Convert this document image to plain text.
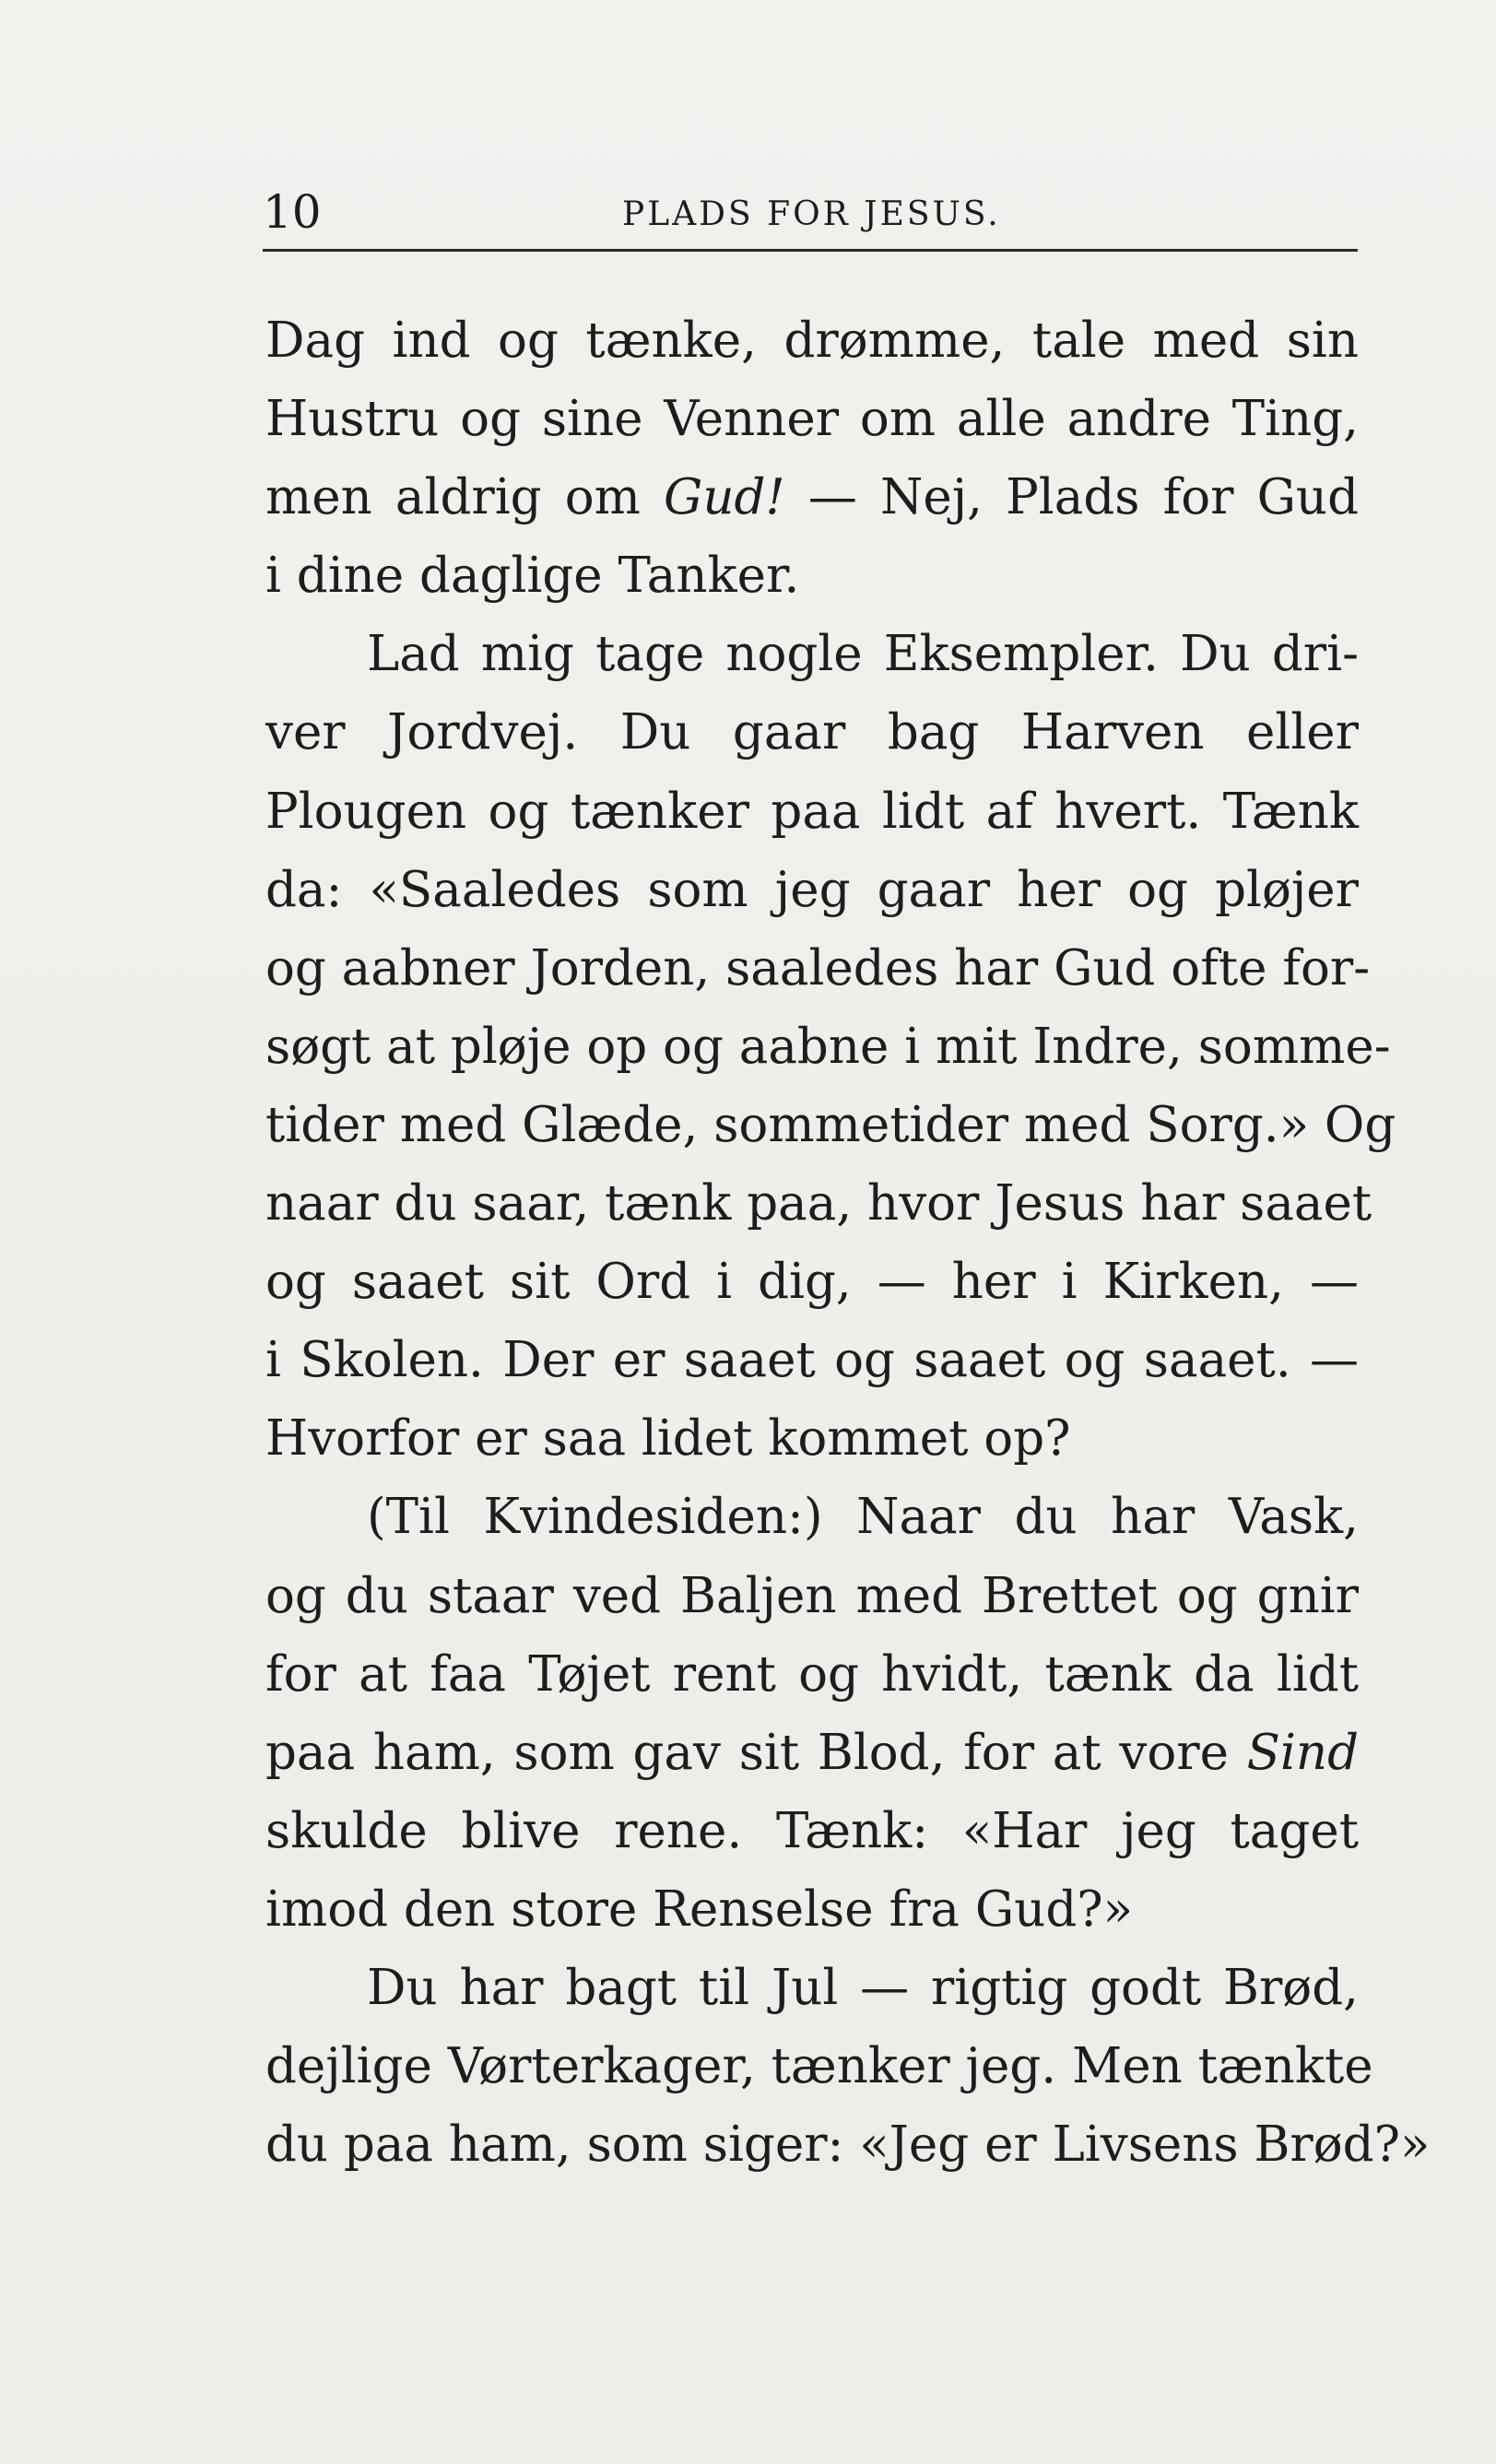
10	PLADS FOR JESUS.
Dag ind og tænke, drømme, tale med sin
Hustru og sine Venner om alle andre Ting,
men aldrig om Gud! — Nej, Plads for Gud
i dine daglige Tanker.
Lad mig tage nogle Eksempler. Du dri-
ver Jordvej. Du gaar bag Harven eller
Plougen og tænker paa lidt af hvert. Tænk
da: «Saaledes som jeg gaar her og pløjer
og aabner Jorden, saaledes har Gud ofte for-
søgt at pløje op og aabne i mit Indre, somme-
tider med Glæde, sommetider med Sorg.» Og
naar du saar, tænk paa, hvor Jesus har saaet
og saaet sit Ord i dig, — her i Kirken, —
i Skolen. Der er saaet og saaet og saaet. —
Hvorfor er saa lidet kommet op?
(Til Kvindesiden:) Naar du har Vask,
og du staar ved Baljen med Brettet og gnir
for at faa Tøjet rent og hvidt, tænk da lidt
paa ham, som gav sit Blod, for at vore Sind
skulde blive rene. Tænk: «Har jeg taget
imod den store Renselse fra Gud?»
Du har bagt til Jul — rigtig godt Brød,
dejlige Vørterkager, tænker jeg. Men tænkte
du paa ham, som siger: «Jeg er Livsens Brød?»
